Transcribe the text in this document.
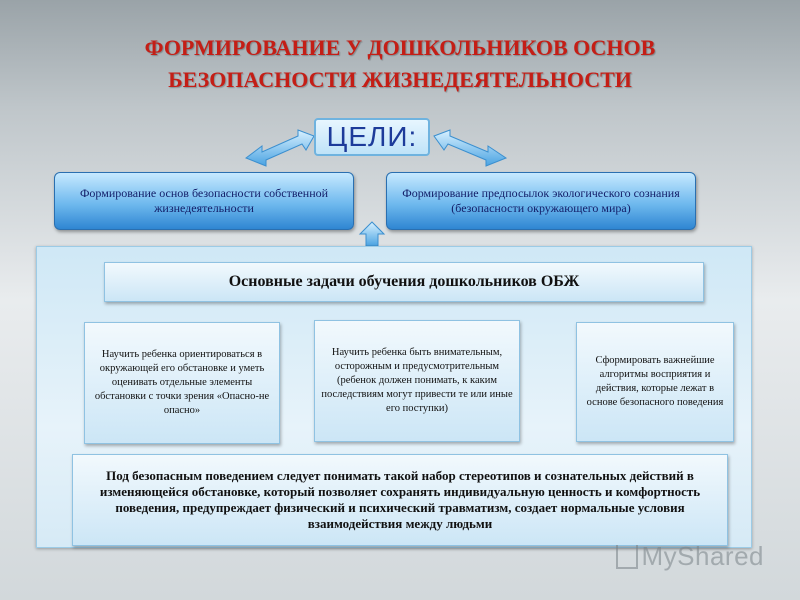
ФОРМИРОВАНИЕ У ДОШКОЛЬНИКОВ ОСНОВ
БЕЗОПАСНОСТИ ЖИЗНЕДЕЯТЕЛЬНОСТИ
ЦЕЛИ:
Формирование основ безопасности собственной жизнедеятельности
Формирование предпосылок экологического сознания (безопасности окружающего мира)
Основные задачи обучения дошкольников ОБЖ
Научить ребенка ориентироваться в окружающей его обстановке и уметь оценивать отдельные элементы обстановки с точки зрения «Опасно-не опасно»
Научить ребенка быть внимательным, осторожным и предусмотрительным (ребенок должен понимать, к каким последствиям могут привести те или иные его поступки)
Сформировать важнейшие алгоритмы восприятия и действия, которые лежат в основе безопасного поведения
Под безопасным поведением следует понимать такой набор стереотипов и сознательных действий в изменяющейся обстановке, который позволяет сохранять индивидуальную ценность и комфортность поведения, предупреждает физический и психический травматизм, создает нормальные условия взаимодействия между людьми
MyShared
